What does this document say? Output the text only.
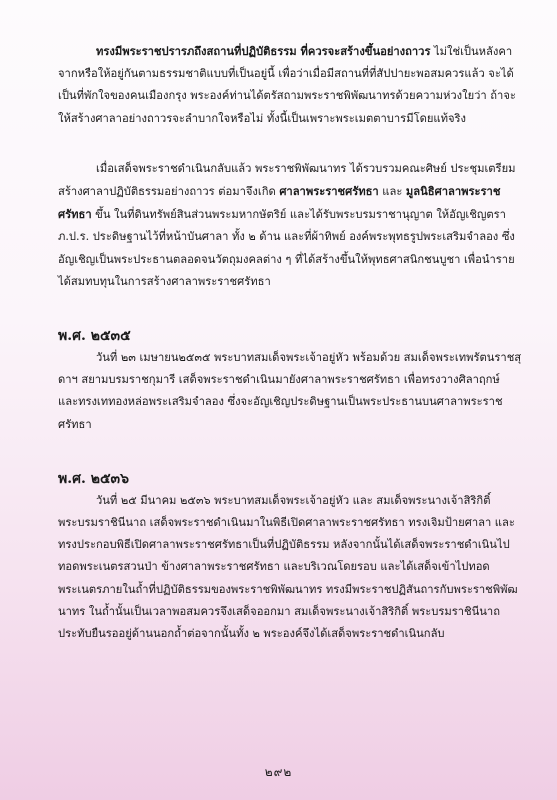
ทรงมีพระราชปรารภถึงสถานที่ปฏิบัติธรรม ที่ควรจะสร้างขึ้นอย่างถาวร ไม่ใช่เป็นหลังคาจากหรือให้อยู่กันตามธรรมชาติแบบที่เป็นอยู่นี้ เพื่อว่าเมื่อมีสถานที่ที่สัปปายะพอสมควรแล้ว จะได้เป็นที่พักใจของคนเมืองกรุง พระองค์ท่านได้ตรัสถามพระราชพิพัฒนาทรด้วยความห่วงใยว่า ถ้าจะให้สร้างศาลาอย่างถาวรจะลำบากใจหรือไม่ ทั้งนี้เป็นเพราะพระเมตตาบารมีโดยแท้จริง

เมื่อเสด็จพระราชดำเนินกลับแล้ว พระราชพิพัฒนาทร ได้รวบรวมคณะศิษย์ ประชุมเตรียมสร้างศาลาปฏิบัติธรรมอย่างถาวร ต่อมาจึงเกิด ศาลาพระราชศรัทธา และ มูลนิธิศาลาพระราชศรัทธา ขึ้น ในที่ดินทรัพย์สินส่วนพระมหากษัตริย์ และได้รับพระบรมราชานุญาต ให้อัญเชิญตรา ภ.ป.ร. ประดิษฐานไว้ที่หน้าบันศาลา ทั้ง ๒ ด้าน และที่ผ้าทิพย์ องค์พระพุทธรูปพระเสริมจำลอง ซึ่งอัญเชิญเป็นพระประธานตลอดจนวัตถุมงคลต่าง ๆ ที่ได้สร้างขึ้นให้พุทธศาสนิกชนบูชา เพื่อนำรายได้สมทบทุนในการสร้างศาลาพระราชศรัทธา

พ.ศ. ๒๕๓๕

วันที่ ๒๓ เมษายน๒๕๓๕ พระบาทสมเด็จพระเจ้าอยู่หัว พร้อมด้วย สมเด็จพระเทพรัตนราชสุดาฯ สยามบรมราชกุมารี เสด็จพระราชดำเนินมายังศาลาพระราชศรัทธา เพื่อทรงวางศิลาฤกษ์ และทรงเททองหล่อพระเสริมจำลอง ซึ่งจะอัญเชิญประดิษฐานเป็นพระประธานบนศาลาพระราชศรัทธา

พ.ศ. ๒๕๓๖

วันที่ ๒๕ มีนาคม ๒๕๓๖ พระบาทสมเด็จพระเจ้าอยู่หัว และ สมเด็จพระนางเจ้าสิริกิติ์ พระบรมราชินีนาถ เสด็จพระราชดำเนินมาในพิธีเปิดศาลาพระราชศรัทธา ทรงเจิมป้ายศาลา และทรงประกอบพิธีเปิดศาลาพระราชศรัทธาเป็นที่ปฏิบัติธรรม หลังจากนั้นได้เสด็จพระราชดำเนินไปทอดพระเนตรสวนป่า ข้างศาลาพระราชศรัทธา และบริเวณโดยรอบ และได้เสด็จเข้าไปทอดพระเนตรภายในถ้ำที่ปฏิบัติธรรมของพระราชพิพัฒนาทร ทรงมีพระราชปฏิสันถารกับพระราชพิพัฒนาทร ในถ้ำนั้นเป็นเวลาพอสมควรจึงเสด็จออกมา สมเด็จพระนางเจ้าสิริกิติ์ พระบรมราชินีนาถประทับยืนรออยู่ด้านนอกถ้ำต่อจากนั้นทั้ง ๒ พระองค์จึงได้เสด็จพระราชดำเนินกลับ

๒๙๒
